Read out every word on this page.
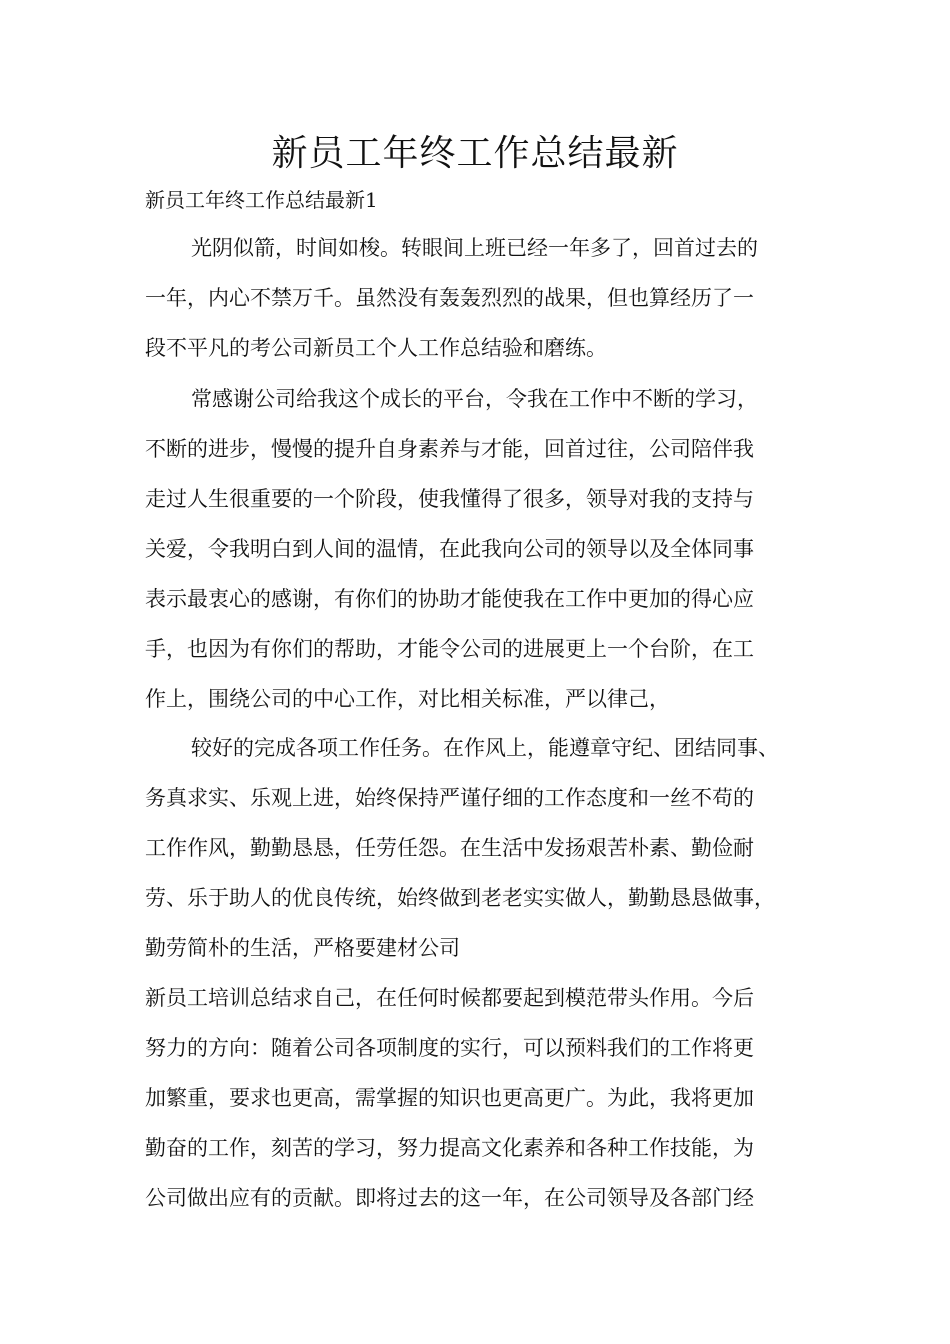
新员工年终工作总结最新
新员工年终工作总结最新1
光阴似箭，时间如梭。转眼间上班已经一年多了，回首过去的
一年，内心不禁万千。虽然没有轰轰烈烈的战果，但也算经历了一
段不平凡的考公司新员工个人工作总结验和磨练。
常感谢公司给我这个成长的平台，令我在工作中不断的学习，
不断的进步，慢慢的提升自身素养与才能，回首过往，公司陪伴我
走过人生很重要的一个阶段，使我懂得了很多，领导对我的支持与
关爱，令我明白到人间的温情，在此我向公司的领导以及全体同事
表示最衷心的感谢，有你们的协助才能使我在工作中更加的得心应
手，也因为有你们的帮助，才能令公司的进展更上一个台阶，在工
作上，围绕公司的中心工作，对比相关标准，严以律己，
较好的完成各项工作任务。在作风上，能遵章守纪、团结同事、
务真求实、乐观上进，始终保持严谨仔细的工作态度和一丝不苟的
工作作风，勤勤恳恳，任劳任怨。在生活中发扬艰苦朴素、勤俭耐
劳、乐于助人的优良传统，始终做到老老实实做人，勤勤恳恳做事，
勤劳简朴的生活，严格要建材公司
新员工培训总结求自己，在任何时候都要起到模范带头作用。今后
努力的方向：随着公司各项制度的实行，可以预料我们的工作将更
加繁重，要求也更高，需掌握的知识也更高更广。为此，我将更加
勤奋的工作，刻苦的学习，努力提高文化素养和各种工作技能，为
公司做出应有的贡献。即将过去的这一年，在公司领导及各部门经
